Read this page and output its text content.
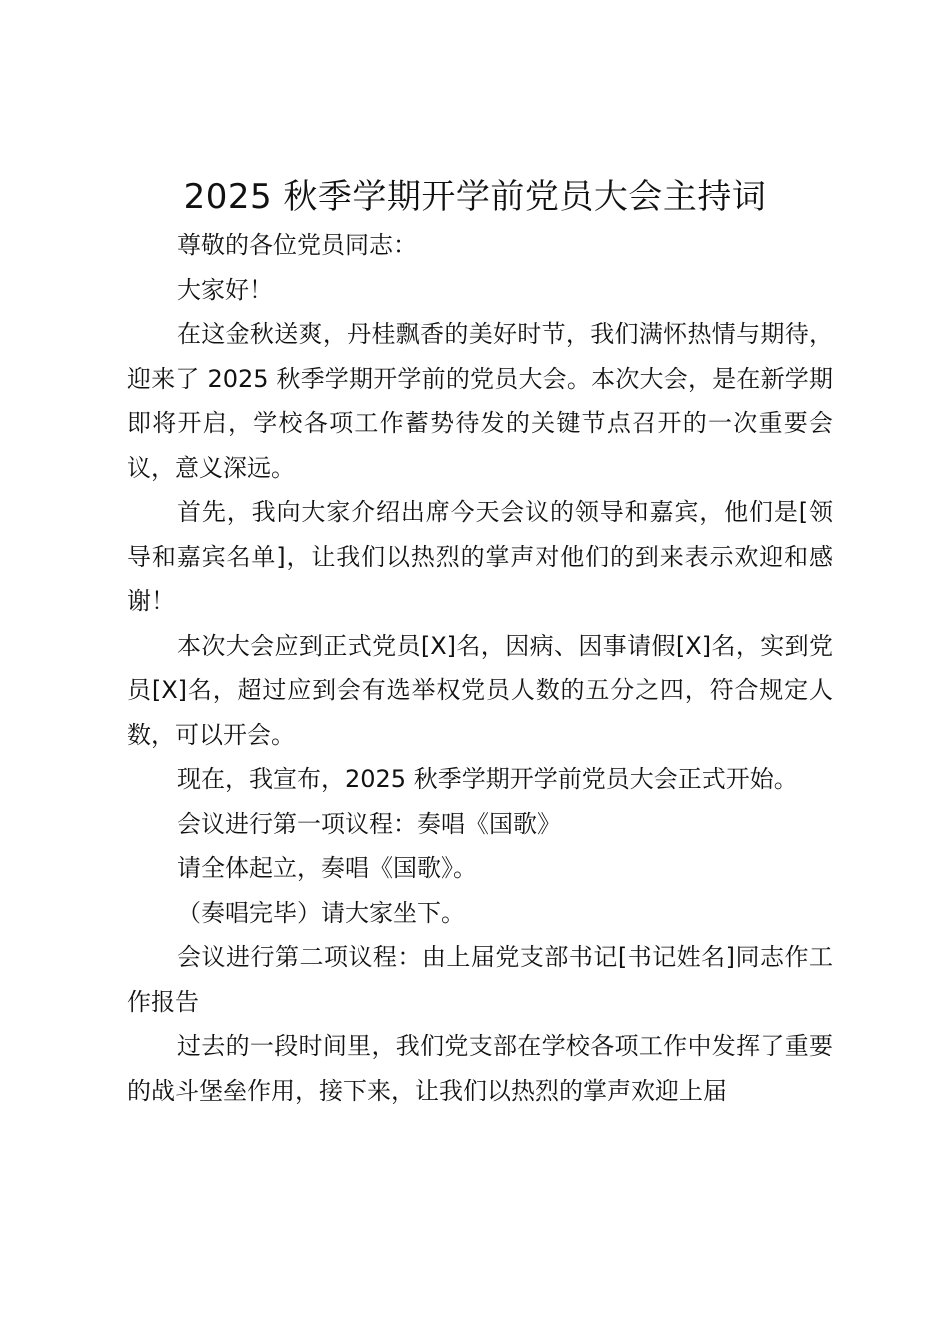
2025 秋季学期开学前党员大会主持词

尊敬的各位党员同志：

大家好！

在这金秋送爽，丹桂飘香的美好时节，我们满怀热情与期待，迎来了 2025 秋季学期开学前的党员大会。本次大会，是在新学期即将开启，学校各项工作蓄势待发的关键节点召开的一次重要会议，意义深远。

首先，我向大家介绍出席今天会议的领导和嘉宾，他们是[领导和嘉宾名单]，让我们以热烈的掌声对他们的到来表示欢迎和感谢！

本次大会应到正式党员[X]名，因病、因事请假[X]名，实到党员[X]名，超过应到会有选举权党员人数的五分之四，符合规定人数，可以开会。

现在，我宣布，2025 秋季学期开学前党员大会正式开始。

会议进行第一项议程：奏唱《国歌》

请全体起立，奏唱《国歌》。

（奏唱完毕）请大家坐下。

会议进行第二项议程：由上届党支部书记[书记姓名]同志作工作报告

过去的一段时间里，我们党支部在学校各项工作中发挥了重要的战斗堡垒作用，接下来，让我们以热烈的掌声欢迎上届
